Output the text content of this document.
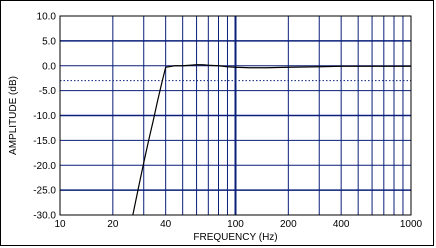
10.0
5.0
0.0
-5.0
-10.0
-15.0
-20.0
-25.0
-30.0
10	20	40	100	200	400	1000
FREQUENCY (Hz)
AMPLITUDE (dB)
